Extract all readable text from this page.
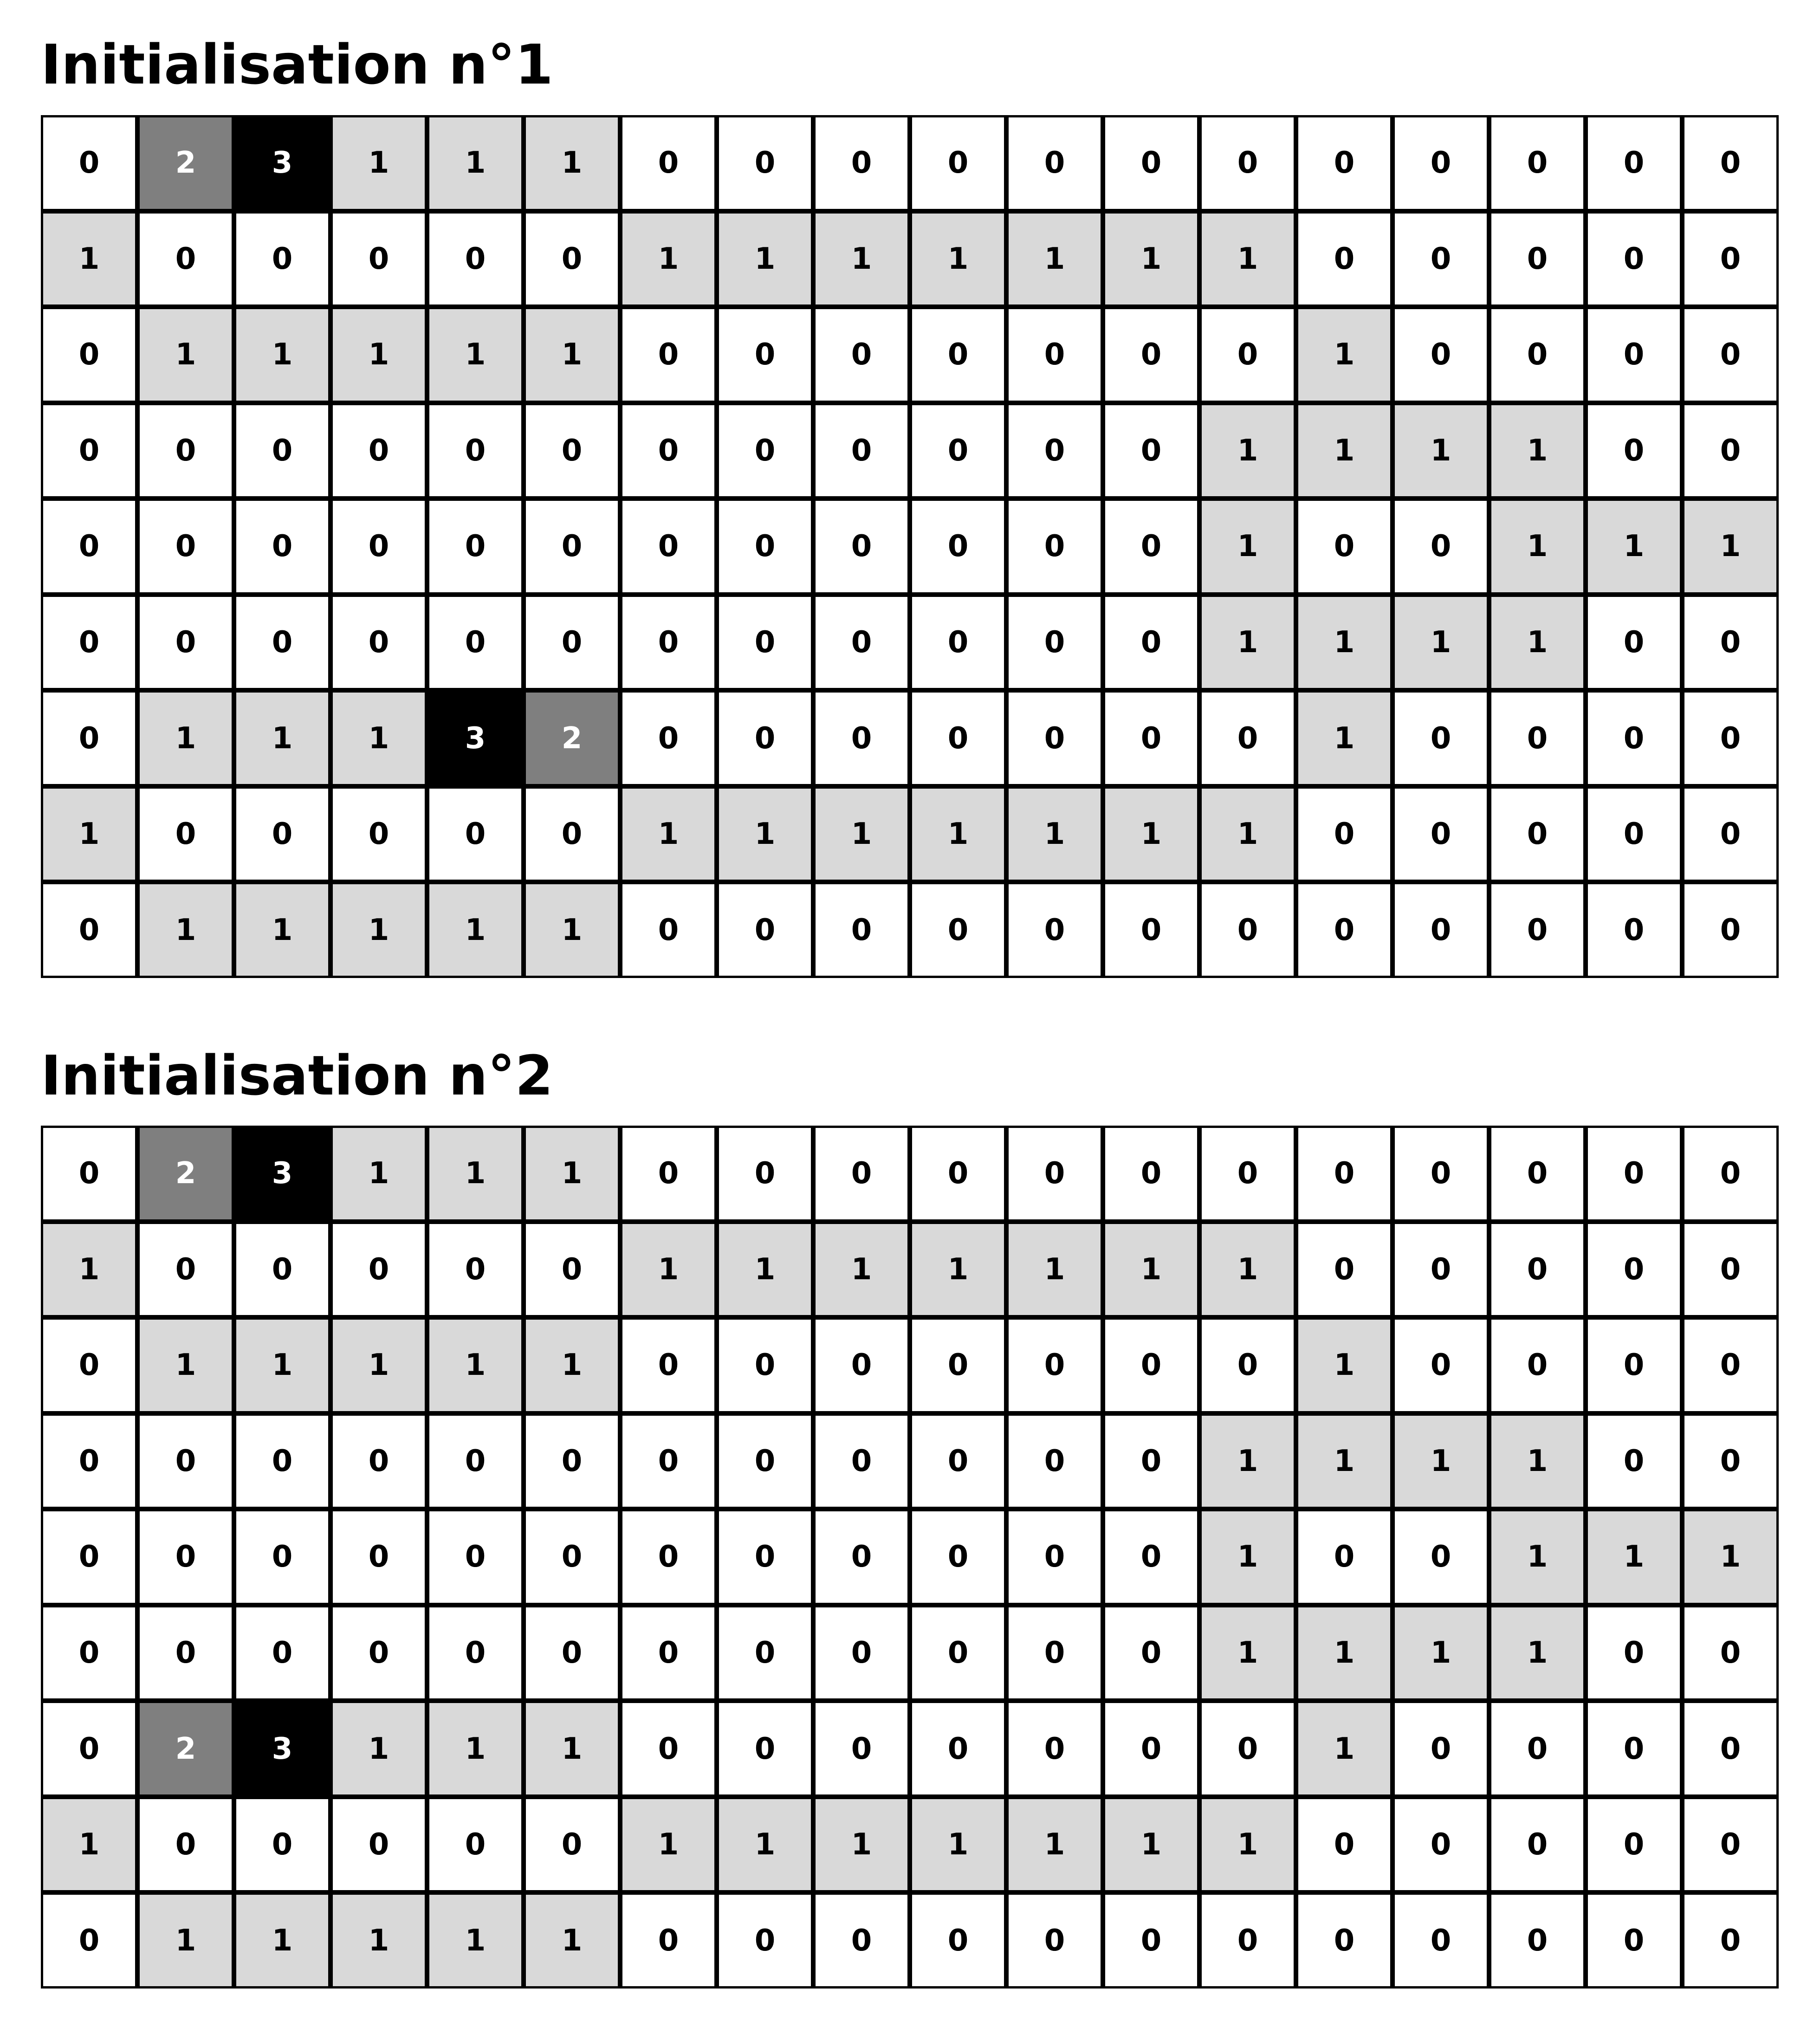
Initialisation n°1
0	2	3	1	1	1	0	0	0	0	0	0	0	0	0	0	0	0
1	0	0	0	0	0	1	1	1	1	1	1	1	0	0	0	0	0
0	1	1	1	1	1	0	0	0	0	0	0	0	1	0	0	0	0
0	0	0	0	0	0	0	0	0	0	0	0	1	1	1	1	0	0
0	0	0	0	0	0	0	0	0	0	0	0	1	0	0	1	1	1
0	0	0	0	0	0	0	0	0	0	0	0	1	1	1	1	0	0
0	1	1	1	3	2	0	0	0	0	0	0	0	1	0	0	0	0
1	0	0	0	0	0	1	1	1	1	1	1	1	0	0	0	0	0
0	1	1	1	1	1	0	0	0	0	0	0	0	0	0	0	0	0
Initialisation n°2
0	2	3	1	1	1	0	0	0	0	0	0	0	0	0	0	0	0
1	0	0	0	0	0	1	1	1	1	1	1	1	0	0	0	0	0
0	1	1	1	1	1	0	0	0	0	0	0	0	1	0	0	0	0
0	0	0	0	0	0	0	0	0	0	0	0	1	1	1	1	0	0
0	0	0	0	0	0	0	0	0	0	0	0	1	0	0	1	1	1
0	0	0	0	0	0	0	0	0	0	0	0	1	1	1	1	0	0
0	2	3	1	1	1	0	0	0	0	0	0	0	1	0	0	0	0
1	0	0	0	0	0	1	1	1	1	1	1	1	0	0	0	0	0
0	1	1	1	1	1	0	0	0	0	0	0	0	0	0	0	0	0
